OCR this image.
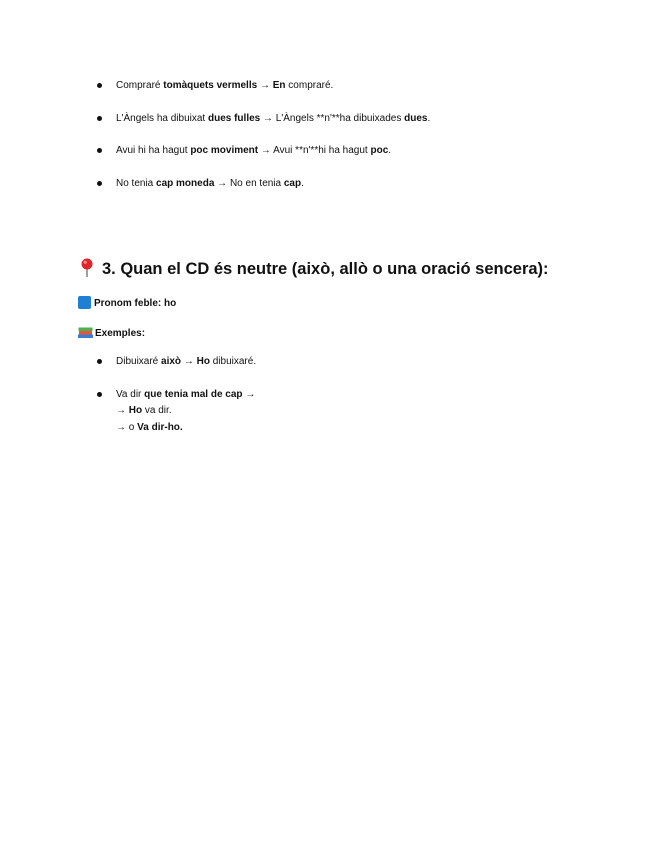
Compraré tomàquets vermells → En compraré.
L'Àngels ha dibuixat dues fulles → L'Àngels **n'**ha dibuixades dues.
Avui hi ha hagut poc moviment → Avui **n'**hi ha hagut poc.
No tenia cap moneda → No en tenia cap.
3. Quan el CD és neutre (això, allò o una oració sencera):
Pronom feble: ho
Exemples:
Dibuixaré això → Ho dibuixaré.
Va dir que tenia mal de cap →
→ Ho va dir.
→ o Va dir-ho.
